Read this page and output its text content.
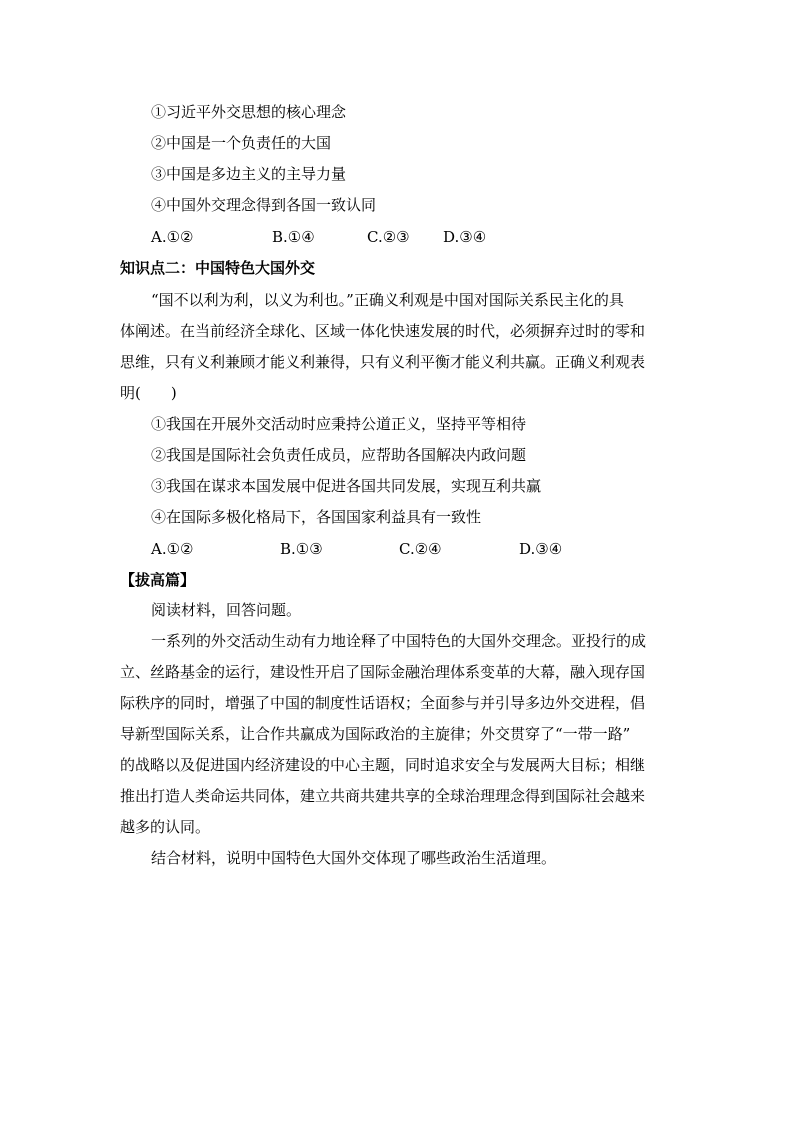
①习近平外交思想的核心理念
②中国是一个负责任的大国
③中国是多边主义的主导力量
④中国外交理念得到各国一致认同
A.①②	B.①④	C.②③ D.③④
知识点二：中国特色大国外交
“国不以利为利，以义为利也。”正确义利观是中国对国际关系民主化的具
体阐述。在当前经济全球化、区域一体化快速发展的时代，必须摒弃过时的零和
思维，只有义利兼顾才能义利兼得，只有义利平衡才能义利共赢。正确义利观表
明(　　)
①我国在开展外交活动时应秉持公道正义，坚持平等相待
②我国是国际社会负责任成员，应帮助各国解决内政问题
③我国在谋求本国发展中促进各国共同发展，实现互利共赢
④在国际多极化格局下，各国国家利益具有一致性
A.①②	B.①③	C.②④	D.③④
【拔高篇】
阅读材料，回答问题。
一系列的外交活动生动有力地诠释了中国特色的大国外交理念。亚投行的成
立、丝路基金的运行，建设性开启了国际金融治理体系变革的大幕，融入现存国
际秩序的同时，增强了中国的制度性话语权；全面参与并引导多边外交进程，倡
导新型国际关系，让合作共赢成为国际政治的主旋律；外交贯穿了“一带一路”
的战略以及促进国内经济建设的中心主题，同时追求安全与发展两大目标；相继
推出打造人类命运共同体，建立共商共建共享的全球治理理念得到国际社会越来
越多的认同。
结合材料，说明中国特色大国外交体现了哪些政治生活道理。
